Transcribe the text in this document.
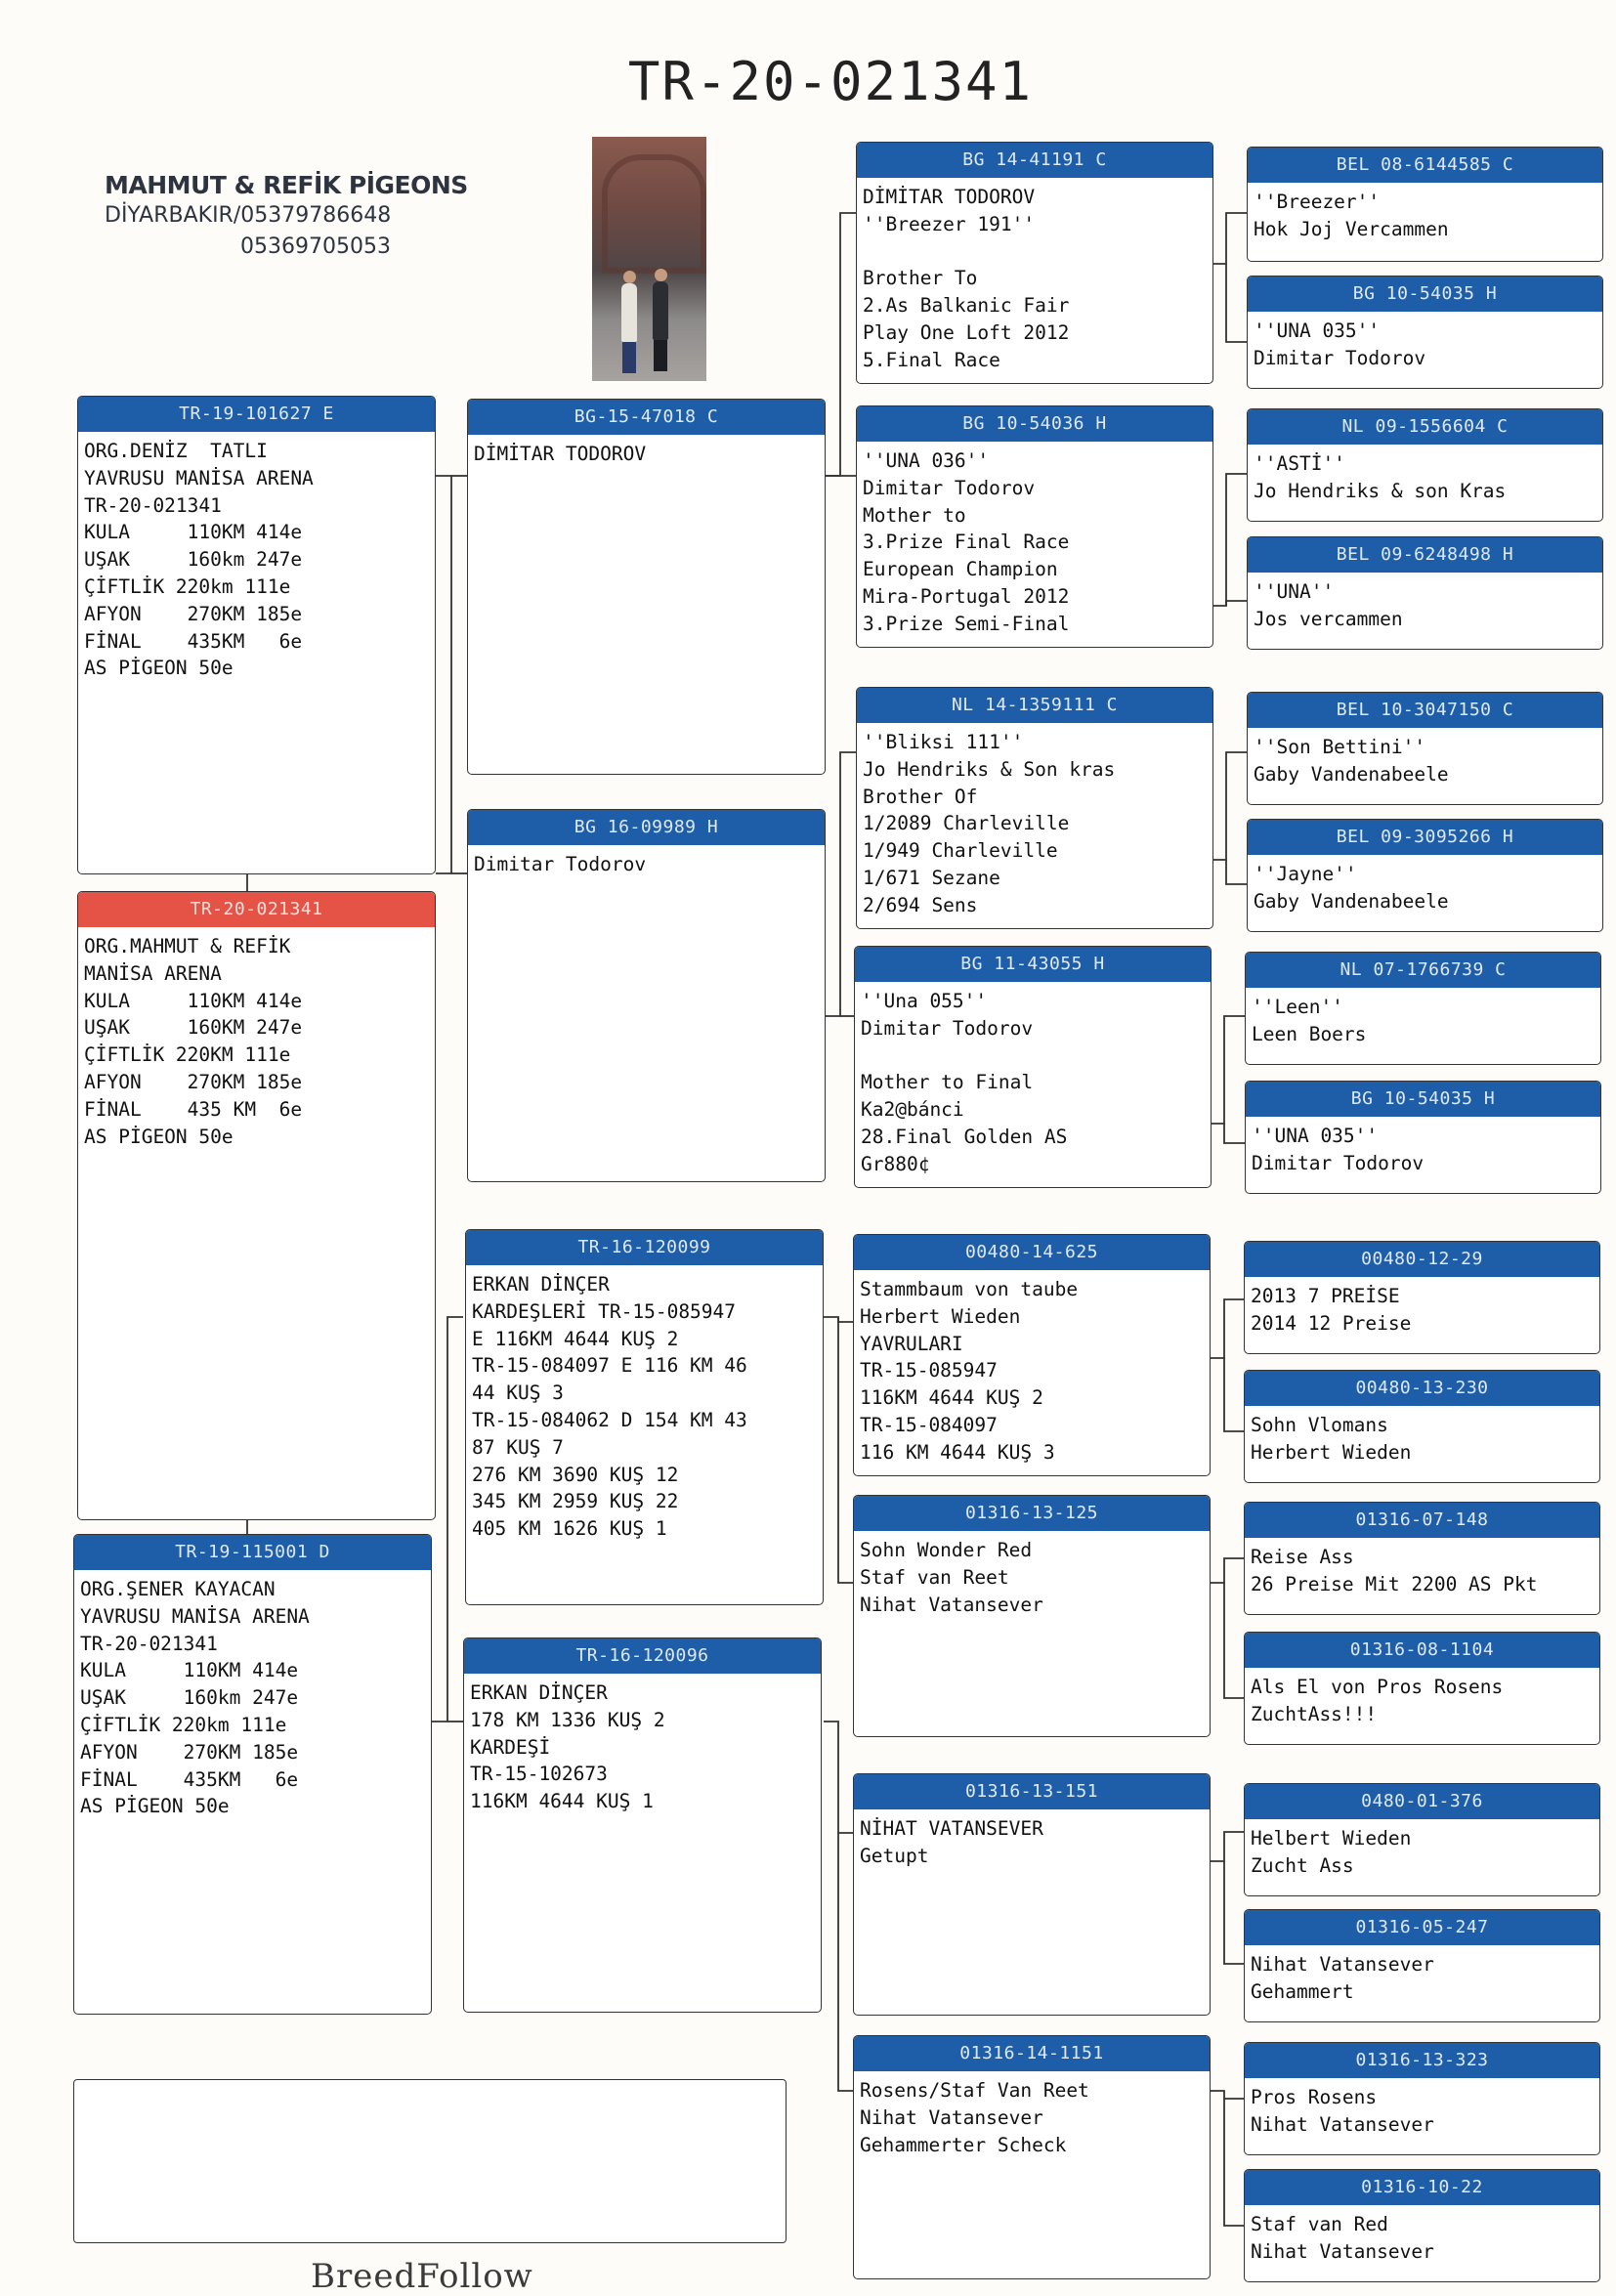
TR-20-021341
MAHMUT & REFİK PİGEONS
DİYARBAKIR/05379786648
05369705053
TR-19-101627 E
ORG.DENİZ  TATLI
YAVRUSU MANİSA ARENA
TR-20-021341
KULA     110KM 414e
UŞAK     160km 247e
ÇİFTLİK 220km 111e
AFYON    270KM 185e
FİNAL    435KM   6e
AS PİGEON 50e
TR-20-021341
ORG.MAHMUT & REFİK
MANİSA ARENA
KULA     110KM 414e
UŞAK     160KM 247e
ÇİFTLİK 220KM 111e
AFYON    270KM 185e
FİNAL    435 KM  6e
AS PİGEON 50e
TR-19-115001 D
ORG.ŞENER KAYACAN
YAVRUSU MANİSA ARENA
TR-20-021341
KULA     110KM 414e
UŞAK     160km 247e
ÇİFTLİK 220km 111e
AFYON    270KM 185e
FİNAL    435KM   6e
AS PİGEON 50e
BG-15-47018 C
DİMİTAR TODOROV
BG 16-09989 H
Dimitar Todorov
TR-16-120099
ERKAN DİNÇER
KARDEŞLERİ TR-15-085947
E 116KM 4644 KUŞ 2
TR-15-084097 E 116 KM 46
44 KUŞ 3
TR-15-084062 D 154 KM 43
87 KUŞ 7
276 KM 3690 KUŞ 12
345 KM 2959 KUŞ 22
405 KM 1626 KUŞ 1
TR-16-120096
ERKAN DİNÇER
178 KM 1336 KUŞ 2
KARDEŞİ
TR-15-102673
116KM 4644 KUŞ 1
BG 14-41191 C
DİMİTAR TODOROV
''Breezer 191''

Brother To
2.As Balkanic Fair
Play One Loft 2012
5.Final Race
BG 10-54036 H
''UNA 036''
Dimitar Todorov
Mother to
3.Prize Final Race
European Champion
Mira-Portugal 2012
3.Prize Semi-Final
NL 14-1359111 C
''Bliksi 111''
Jo Hendriks & Son kras
Brother Of
1/2089 Charleville
1/949 Charleville
1/671 Sezane
2/694 Sens
BG 11-43055 H
''Una 055''
Dimitar Todorov

Mother to Final
Ka2@bánci
28.Final Golden AS
Gr880¢
00480-14-625
Stammbaum von taube
Herbert Wieden
YAVRULARI
TR-15-085947
116KM 4644 KUŞ 2
TR-15-084097
116 KM 4644 KUŞ 3
01316-13-125
Sohn Wonder Red
Staf van Reet
Nihat Vatansever
01316-13-151
NİHAT VATANSEVER
Getupt
01316-14-1151
Rosens/Staf Van Reet
Nihat Vatansever
Gehammerter Scheck
BEL 08-6144585 C
''Breezer''
Hok Joj Vercammen
BG 10-54035 H
''UNA 035''
Dimitar Todorov
NL 09-1556604 C
''ASTİ''
Jo Hendriks & son Kras
BEL 09-6248498 H
''UNA''
Jos vercammen
BEL 10-3047150 C
''Son Bettini''
Gaby Vandenabeele
BEL 09-3095266 H
''Jayne''
Gaby Vandenabeele
NL 07-1766739 C
''Leen''
Leen Boers
BG 10-54035 H
''UNA 035''
Dimitar Todorov
00480-12-29
2013 7 PREİSE
2014 12 Preise
00480-13-230
Sohn Vlomans
Herbert Wieden
01316-07-148
Reise Ass
26 Preise Mit 2200 AS Pkt
01316-08-1104
Als El von Pros Rosens
ZuchtAss!!!
0480-01-376
Helbert Wieden
Zucht Ass
01316-05-247
Nihat Vatansever
Gehammert
01316-13-323
Pros Rosens
Nihat Vatansever
01316-10-22
Staf van Red
Nihat Vatansever
BreedFollow
